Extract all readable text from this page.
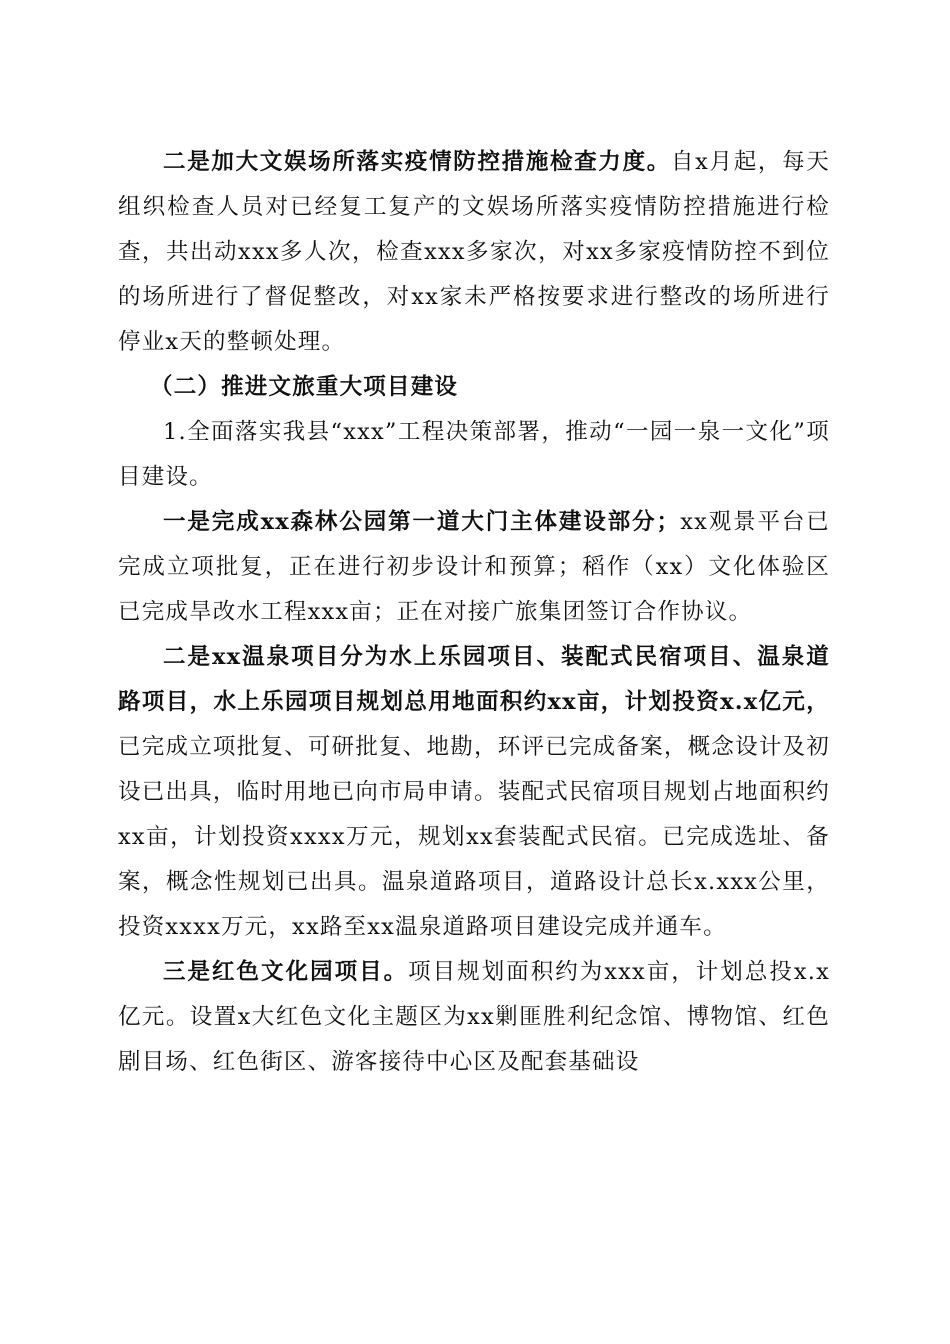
二是加大文娱场所落实疫情防控措施检查力度。自x月起，每天组织检查人员对已经复工复产的文娱场所落实疫情防控措施进行检查，共出动xxx多人次，检查xxx多家次，对xx多家疫情防控不到位的场所进行了督促整改，对xx家未严格按要求进行整改的场所进行停业x天的整顿处理。

（二）推进文旅重大项目建设

1.全面落实我县“xxx”工程决策部署，推动“一园一泉一文化”项目建设。

一是完成xx森林公园第一道大门主体建设部分；xx观景平台已完成立项批复，正在进行初步设计和预算；稻作（xx）文化体验区已完成旱改水工程xxx亩；正在对接广旅集团签订合作协议。

二是xx温泉项目分为水上乐园项目、装配式民宿项目、温泉道路项目，水上乐园项目规划总用地面积约xx亩，计划投资x.x亿元，已完成立项批复、可研批复、地勘，环评已完成备案，概念设计及初设已出具，临时用地已向市局申请。装配式民宿项目规划占地面积约xx亩，计划投资xxxx万元，规划xx套装配式民宿。已完成选址、备案，概念性规划已出具。温泉道路项目，道路设计总长x.xxx公里，投资xxxx万元，xx路至xx温泉道路项目建设完成并通车。

三是红色文化园项目。项目规划面积约为xxx亩，计划总投x.x亿元。设置x大红色文化主题区为xx剿匪胜利纪念馆、博物馆、红色剧目场、红色街区、游客接待中心区及配套基础设
